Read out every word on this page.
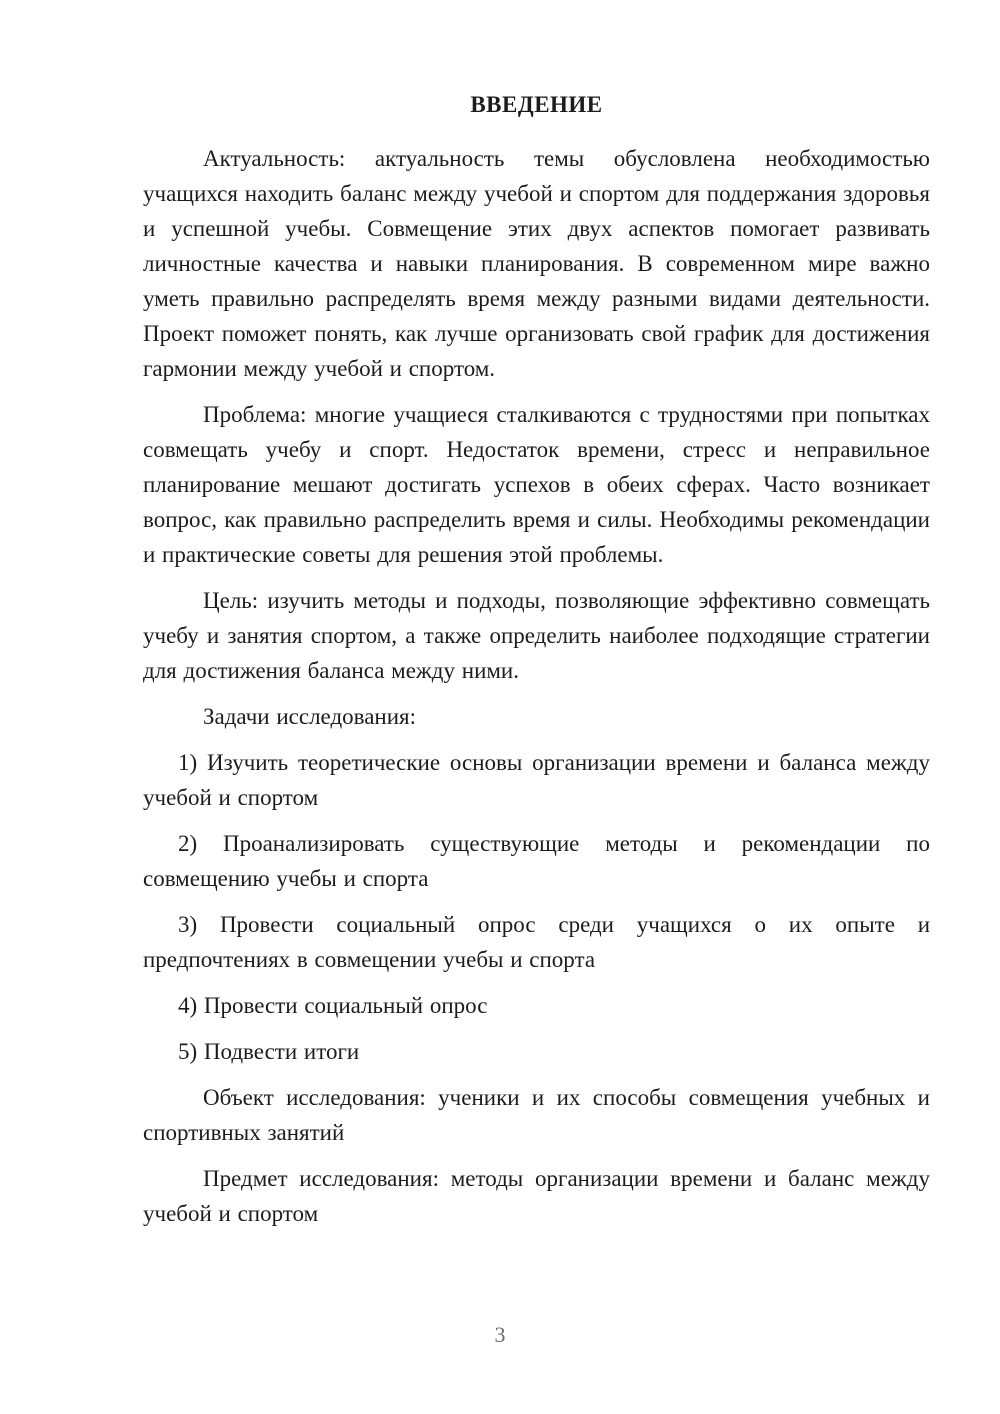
ВВЕДЕНИЕ

Актуальность: актуальность темы обусловлена необходимостью учащихся находить баланс между учебой и спортом для поддержания здоровья и успешной учебы. Совмещение этих двух аспектов помогает развивать личностные качества и навыки планирования. В современном мире важно уметь правильно распределять время между разными видами деятельности. Проект поможет понять, как лучше организовать свой график для достижения гармонии между учебой и спортом.

Проблема: многие учащиеся сталкиваются с трудностями при попытках совмещать учебу и спорт. Недостаток времени, стресс и неправильное планирование мешают достигать успехов в обеих сферах. Часто возникает вопрос, как правильно распределить время и силы. Необходимы рекомендации и практические советы для решения этой проблемы.

Цель: изучить методы и подходы, позволяющие эффективно совмещать учебу и занятия спортом, а также определить наиболее подходящие стратегии для достижения баланса между ними.

Задачи исследования:

1) Изучить теоретические основы организации времени и баланса между учебой и спортом

2) Проанализировать существующие методы и рекомендации по совмещению учебы и спорта

3) Провести социальный опрос среди учащихся о их опыте и предпочтениях в совмещении учебы и спорта

4) Провести социальный опрос

5) Подвести итоги

Объект исследования: ученики и их способы совмещения учебных и спортивных занятий

Предмет исследования: методы организации времени и баланс между учебой и спортом

3
